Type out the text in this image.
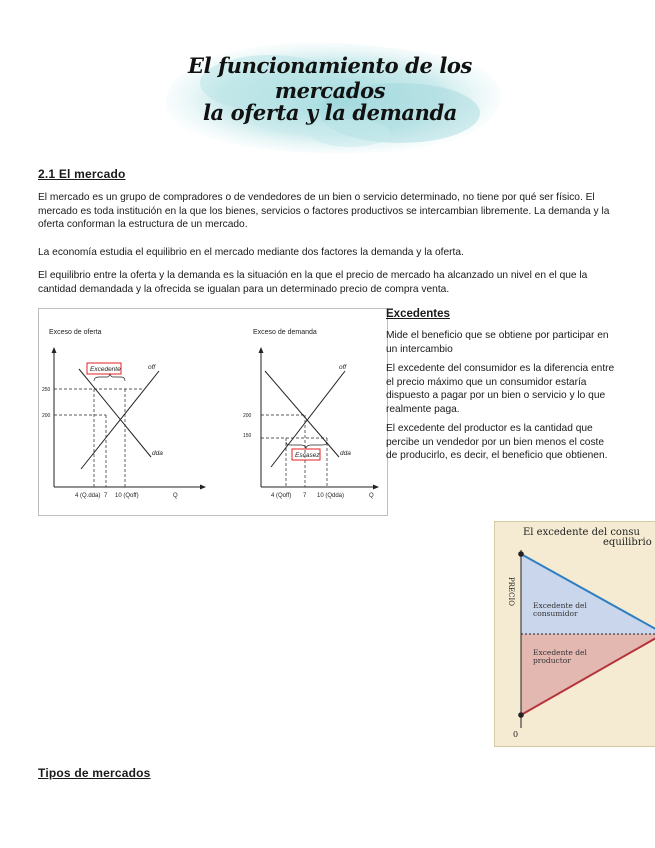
El funcionamiento de los mercados
la oferta y la demanda
2.1 El mercado

El mercado es un grupo de compradores o de vendedores de un bien o servicio determinado, no tiene por qué ser físico. El mercado es toda institución en la que los bienes, servicios o factores productivos se intercambian libremente. La demanda y la oferta conforman la estructura de un mercado.

La economía estudia el equilibrio en el mercado mediante dos factores la demanda y la oferta.

El equilibrio entre la oferta y la demanda es la situación en la que el precio de mercado ha alcanzado un nivel en el que la cantidad demandada y la ofrecida se igualan para un determinado precio de compra venta.

Exceso de oferta
Excedente	off
dda
250
200
4 (Q.dda) 7 10 (Qoff)	Q
Exceso de demanda
Escasez
off
dda
200
150
4 (Qoff) 7 10 (Qdda)	Q
Excedentes

Mide el beneficio que se obtiene por participar en un intercambio

El excedente del consumidor es la diferencia entre el precio máximo que un consumidor estaría dispuesto a pagar por un bien o servicio y lo que realmente paga.

El excedente del productor es la cantidad que percibe un vendedor por un bien menos el coste de producirlo, es decir, el beneficio que obtienen.

El excedente del consu
equilibrio
PRECIO Excedente del
consumidor
Excedente del
productor
0
Tipos de mercados
